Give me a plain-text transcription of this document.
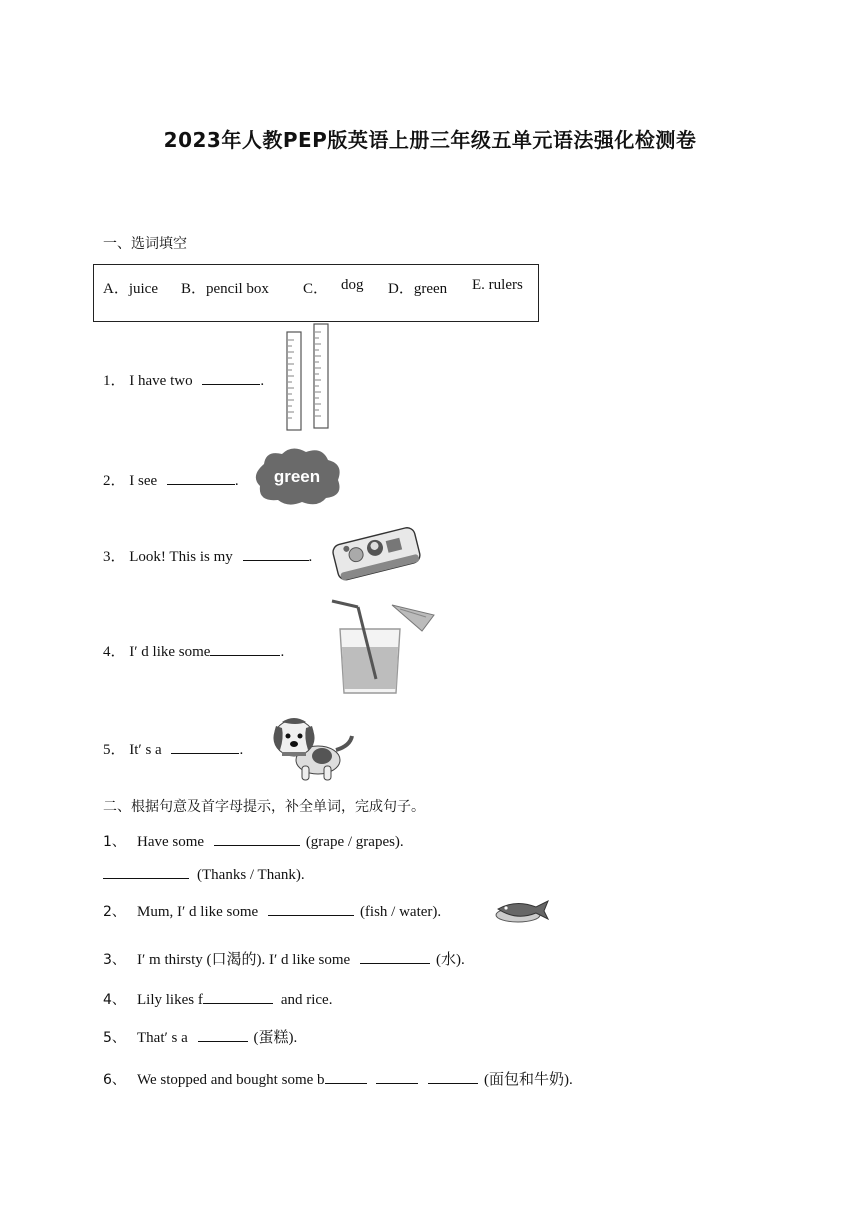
2023年人教PEP版英语上册三年级五单元语法强化检测卷
一、选词填空
A．juice B．pencil box C． dog D．green E. rulers
1． I have two	.
2． I see	. green
3． Look! This is my	.
4． I′ d like some	.
5． It′ s a	.
二、根据句意及首字母提示，补全单词，完成句子。
1、 Have some	(grape / grapes).
(Thanks / Thank).
2、 Mum, I′ d like some	(fish / water).
3、 I′ m thirsty (口渴的). I′ d like some	(水).
4、 Lily likes f	and rice.
5、 That′ s a	(蛋糕).
6、 We stopped and bought some b	(面包和牛奶).
